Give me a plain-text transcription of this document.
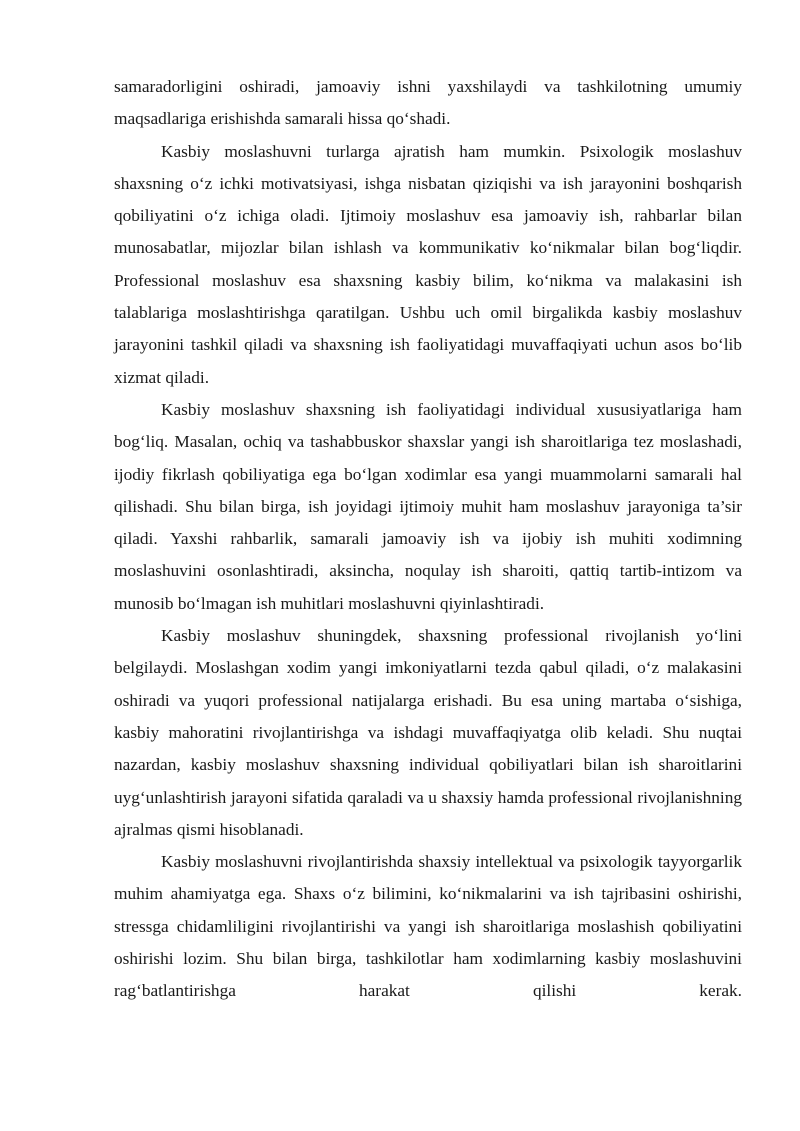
samaradorligini oshiradi, jamoaviy ishni yaxshilaydi va tashkilotning umumiy maqsadlariga erishishda samarali hissa qo‘shadi.

Kasbiy moslashuvni turlarga ajratish ham mumkin. Psixologik moslashuv shaxsning o‘z ichki motivatsiyasi, ishga nisbatan qiziqishi va ish jarayonini boshqarish qobiliyatini o‘z ichiga oladi. Ijtimoiy moslashuv esa jamoaviy ish, rahbarlar bilan munosabatlar, mijozlar bilan ishlash va kommunikativ ko‘nikmalar bilan bog‘liqdir. Professional moslashuv esa shaxsning kasbiy bilim, ko‘nikma va malakasini ish talablariga moslashtirishga qaratilgan. Ushbu uch omil birgalikda kasbiy moslashuv jarayonini tashkil qiladi va shaxsning ish faoliyatidagi muvaffaqiyati uchun asos bo‘lib xizmat qiladi.

Kasbiy moslashuv shaxsning ish faoliyatidagi individual xususiyatlariga ham bog‘liq. Masalan, ochiq va tashabbuskor shaxslar yangi ish sharoitlariga tez moslashadi, ijodiy fikrlash qobiliyatiga ega bo‘lgan xodimlar esa yangi muammolarni samarali hal qilishadi. Shu bilan birga, ish joyidagi ijtimoiy muhit ham moslashuv jarayoniga ta’sir qiladi. Yaxshi rahbarlik, samarali jamoaviy ish va ijobiy ish muhiti xodimning moslashuvini osonlashtiradi, aksincha, noqulay ish sharoiti, qattiq tartib-intizom va munosib bo‘lmagan ish muhitlari moslashuvni qiyinlashtiradi.

Kasbiy moslashuv shuningdek, shaxsning professional rivojlanish yo‘lini belgilaydi. Moslashgan xodim yangi imkoniyatlarni tezda qabul qiladi, o‘z malakasini oshiradi va yuqori professional natijalarga erishadi. Bu esa uning martaba o‘sishiga, kasbiy mahoratini rivojlantirishga va ishdagi muvaffaqiyatga olib keladi. Shu nuqtai nazardan, kasbiy moslashuv shaxsning individual qobiliyatlari bilan ish sharoitlarini uyg‘unlashtirish jarayoni sifatida qaraladi va u shaxsiy hamda professional rivojlanishning ajralmas qismi hisoblanadi.

Kasbiy moslashuvni rivojlantirishda shaxsiy intellektual va psixologik tayyorgarlik muhim ahamiyatga ega. Shaxs o‘z bilimini, ko‘nikmalarini va ish tajribasini oshirishi, stressga chidamliligini rivojlantirishi va yangi ish sharoitlariga moslashish qobiliyatini oshirishi lozim. Shu bilan birga, tashkilotlar ham xodimlarning kasbiy moslashuvini rag‘batlantirishga harakat qilishi kerak.
